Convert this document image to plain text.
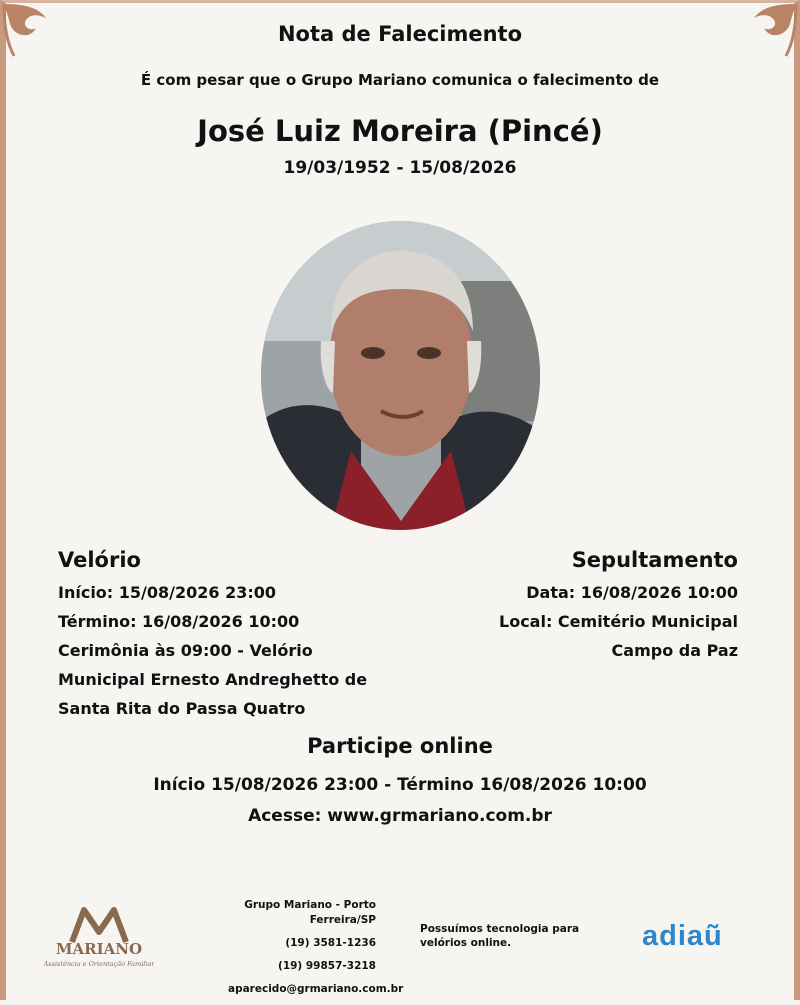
Nota de Falecimento
É com pesar que o Grupo Mariano comunica o falecimento de
José Luiz Moreira (Pincé)
19/03/1952 - 15/08/2026
Velório	Sepultamento
Início: 15/08/2026 23:00
Término: 16/08/2026 10:00
Cerimônia às 09:00 - Velório Municipal Ernesto Andreghetto de Santa Rita do Passa Quatro
Data: 16/08/2026 10:00
Local: Cemitério Municipal Campo da Paz
Participe online
Início 15/08/2026 23:00 - Término 16/08/2026 10:00
Acesse: www.grmariano.com.br
MARIANO
Assistência e Orientação Familiar
Grupo Mariano - Porto Ferreira/SP
(19) 3581-1236
(19) 99857-3218
aparecido@grmariano.com.br
Possuímos tecnologia para velórios online.	adiaũ
